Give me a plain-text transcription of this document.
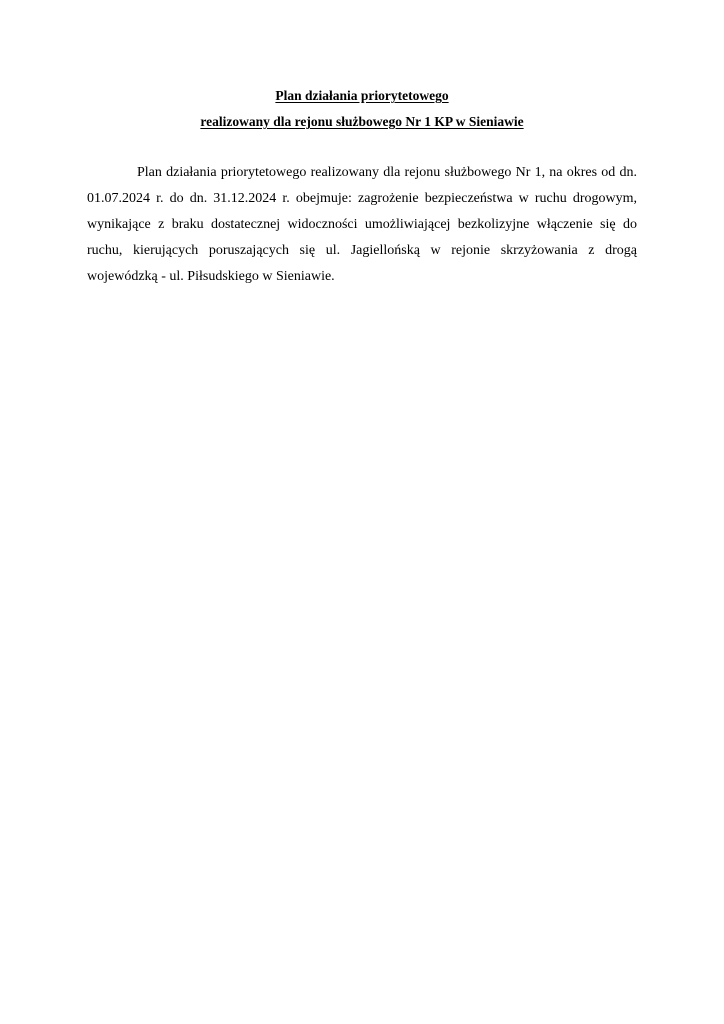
Plan działania priorytetowego
realizowany dla rejonu służbowego Nr 1 KP w Sieniawie

Plan działania priorytetowego realizowany dla rejonu służbowego Nr 1, na okres od dn. 01.07.2024 r. do dn. 31.12.2024 r. obejmuje: zagrożenie bezpieczeństwa w ruchu drogowym, wynikające z braku dostatecznej widoczności umożliwiającej bezkolizyjne włączenie się do ruchu, kierujących poruszających się ul. Jagiellońską w rejonie skrzyżowania z drogą wojewódzką - ul. Piłsudskiego w Sieniawie.
